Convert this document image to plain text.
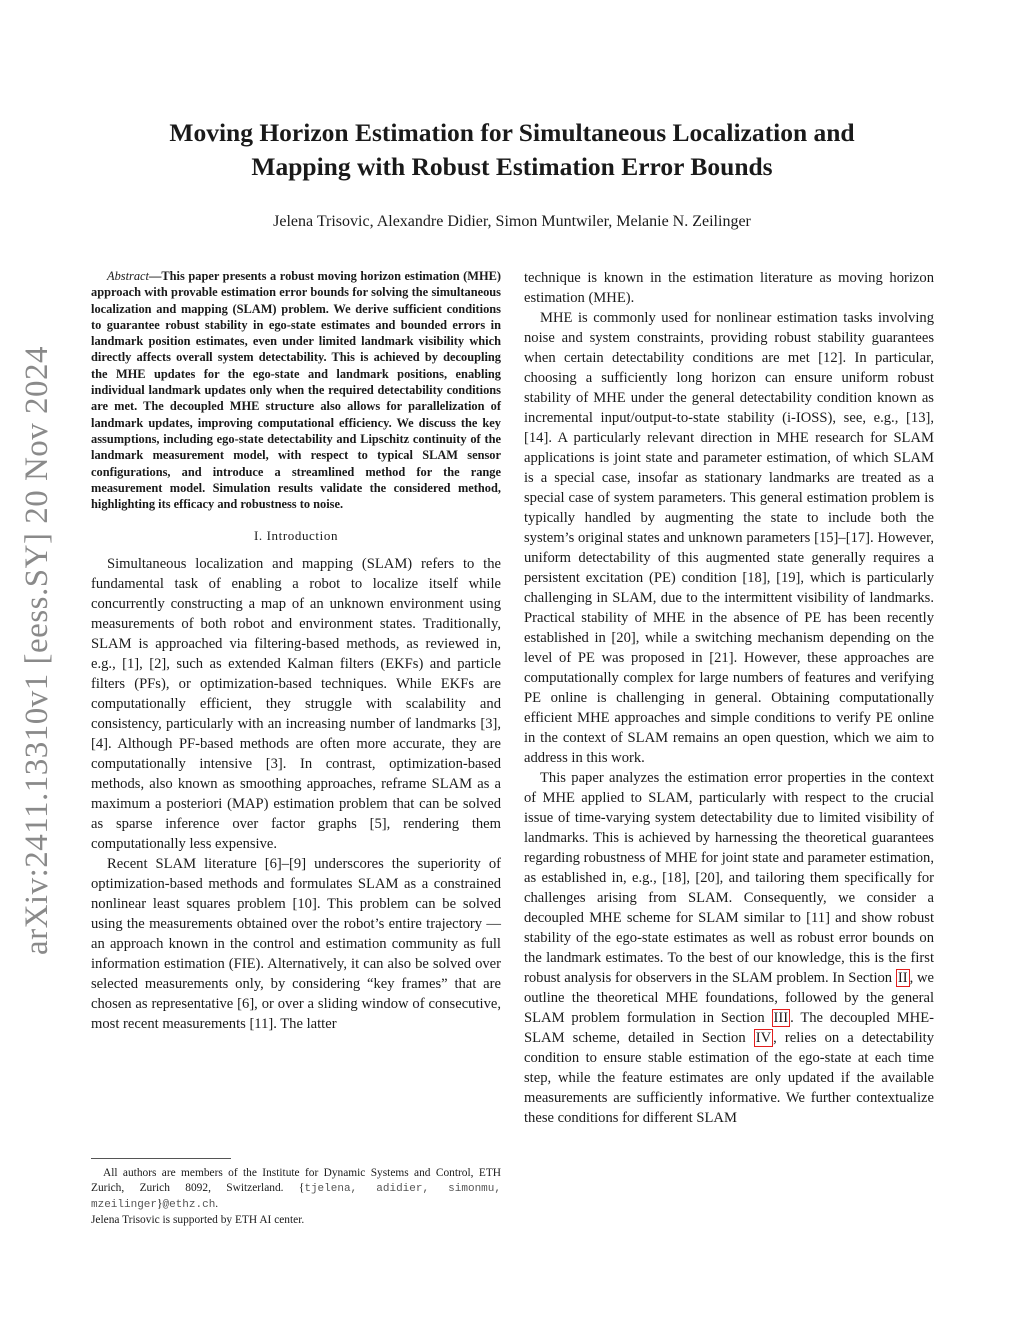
arXiv:2411.13310v1 [eess.SY] 20 Nov 2024
Moving Horizon Estimation for Simultaneous Localization and Mapping with Robust Estimation Error Bounds
Jelena Trisovic, Alexandre Didier, Simon Muntwiler, Melanie N. Zeilinger

Abstract—This paper presents a robust moving horizon estimation (MHE) approach with provable estimation error bounds for solving the simultaneous localization and mapping (SLAM) problem. We derive sufficient conditions to guarantee robust stability in ego-state estimates and bounded errors in landmark position estimates, even under limited landmark visibility which directly affects overall system detectability. This is achieved by decoupling the MHE updates for the ego-state and landmark positions, enabling individual landmark updates only when the required detectability conditions are met. The decoupled MHE structure also allows for parallelization of landmark updates, improving computational efficiency. We discuss the key assumptions, including ego-state detectability and Lipschitz continuity of the landmark measurement model, with respect to typical SLAM sensor configurations, and introduce a streamlined method for the range measurement model. Simulation results validate the considered method, highlighting its efficacy and robustness to noise.

I. Introduction

Simultaneous localization and mapping (SLAM) refers to the fundamental task of enabling a robot to localize itself while concurrently constructing a map of an unknown environment using measurements of both robot and environment states. Traditionally, SLAM is approached via filtering-based methods, as reviewed in, e.g., [1], [2], such as extended Kalman filters (EKFs) and particle filters (PFs), or optimization-based techniques. While EKFs are computationally efficient, they struggle with scalability and consistency, particularly with an increasing number of landmarks [3], [4]. Although PF-based methods are often more accurate, they are computationally intensive [3]. In contrast, optimization-based methods, also known as smoothing approaches, reframe SLAM as a maximum a posteriori (MAP) estimation problem that can be solved as sparse inference over factor graphs [5], rendering them computationally less expensive.

Recent SLAM literature [6]–[9] underscores the superiority of optimization-based methods and formulates SLAM as a constrained nonlinear least squares problem [10]. This problem can be solved using the measurements obtained over the robot’s entire trajectory — an approach known in the control and estimation community as full information estimation (FIE). Alternatively, it can also be solved over selected measurements only, by considering “key frames” that are chosen as representative [6], or over a sliding window of consecutive, most recent measurements [11]. The latter

All authors are members of the Institute for Dynamic Systems and Control, ETH Zurich, Zurich 8092, Switzerland. {tjelena, adidier, simonmu, mzeilinger}@ethz.ch.

Jelena Trisovic is supported by ETH AI center.

technique is known in the estimation literature as moving horizon estimation (MHE).

MHE is commonly used for nonlinear estimation tasks involving noise and system constraints, providing robust stability guarantees when certain detectability conditions are met [12]. In particular, choosing a sufficiently long horizon can ensure uniform robust stability of MHE under the general detectability condition known as incremental input/output-to-state stability (i-IOSS), see, e.g., [13], [14]. A particularly relevant direction in MHE research for SLAM applications is joint state and parameter estimation, of which SLAM is a special case, insofar as stationary landmarks are treated as a special case of system parameters. This general estimation problem is typically handled by augmenting the state to include both the system’s original states and unknown parameters [15]–[17]. However, uniform detectability of this augmented state generally requires a persistent excitation (PE) condition [18], [19], which is particularly challenging in SLAM, due to the intermittent visibility of landmarks. Practical stability of MHE in the absence of PE has been recently established in [20], while a switching mechanism depending on the level of PE was proposed in [21]. However, these approaches are computationally complex for large numbers of features and verifying PE online is challenging in general. Obtaining computationally efficient MHE approaches and simple conditions to verify PE online in the context of SLAM remains an open question, which we aim to address in this work.

This paper analyzes the estimation error properties in the context of MHE applied to SLAM, particularly with respect to the crucial issue of time-varying system detectability due to limited visibility of landmarks. This is achieved by harnessing the theoretical guarantees regarding robustness of MHE for joint state and parameter estimation, as established in, e.g., [18], [20], and tailoring them specifically for challenges arising from SLAM. Consequently, we consider a decoupled MHE scheme for SLAM similar to [11] and show robust stability of the ego-state estimates as well as robust error bounds on the landmark estimates. To the best of our knowledge, this is the first robust analysis for observers in the SLAM problem. In Section II , we outline the theoretical MHE foundations, followed by the general SLAM problem formulation in Section III . The decoupled MHE-SLAM scheme, detailed in Section IV , relies on a detectability condition to ensure stable estimation of the ego-state at each time step, while the feature estimates are only updated if the available measurements are sufficiently informative. We further contextualize these conditions for different SLAM
